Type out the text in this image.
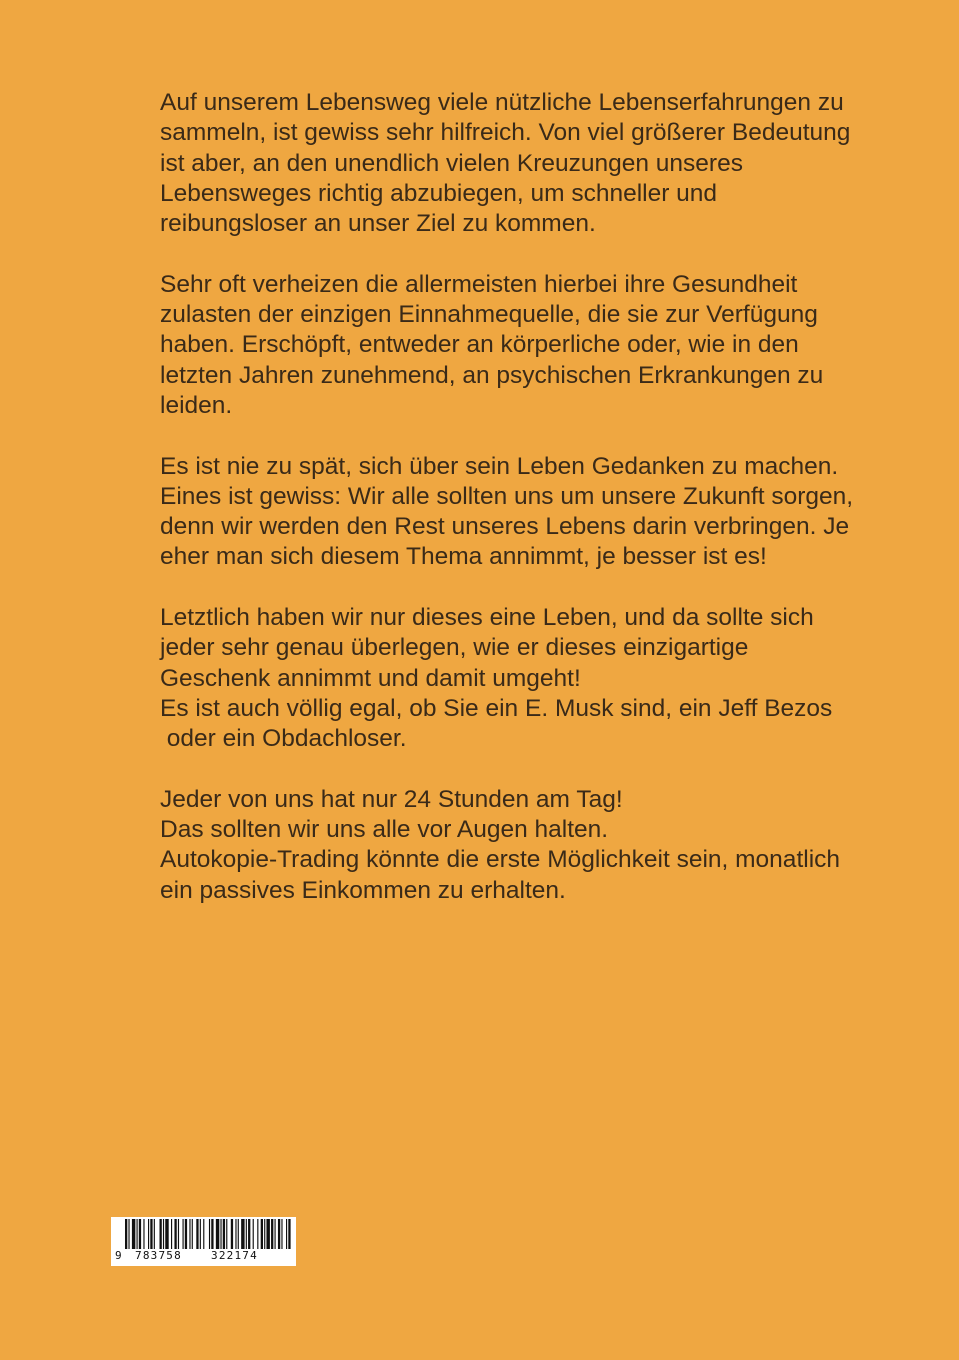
Auf unserem Lebensweg viele nützliche Lebenserfahrungen zu
sammeln, ist gewiss sehr hilfreich. Von viel größerer Bedeutung
ist aber, an den unendlich vielen Kreuzungen unseres
Lebensweges richtig abzubiegen, um schneller und
reibungsloser an unser Ziel zu kommen.
Sehr oft verheizen die allermeisten hierbei ihre Gesundheit
zulasten der einzigen Einnahmequelle, die sie zur Verfügung
haben. Erschöpft, entweder an körperliche oder, wie in den
letzten Jahren zunehmend, an psychischen Erkrankungen zu
leiden.
Es ist nie zu spät, sich über sein Leben Gedanken zu machen.
Eines ist gewiss: Wir alle sollten uns um unsere Zukunft sorgen,
denn wir werden den Rest unseres Lebens darin verbringen. Je
eher man sich diesem Thema annimmt, je besser ist es!
Letztlich haben wir nur dieses eine Leben, und da sollte sich
jeder sehr genau überlegen, wie er dieses einzigartige
Geschenk annimmt und damit umgeht!
Es ist auch völlig egal, ob Sie ein E. Musk sind, ein Jeff Bezos
oder ein Obdachloser.
Jeder von uns hat nur 24 Stunden am Tag!
Das sollten wir uns alle vor Augen halten.
Autokopie-Trading könnte die erste Möglichkeit sein, monatlich
ein passives Einkommen zu erhalten.
9 783758	322174
